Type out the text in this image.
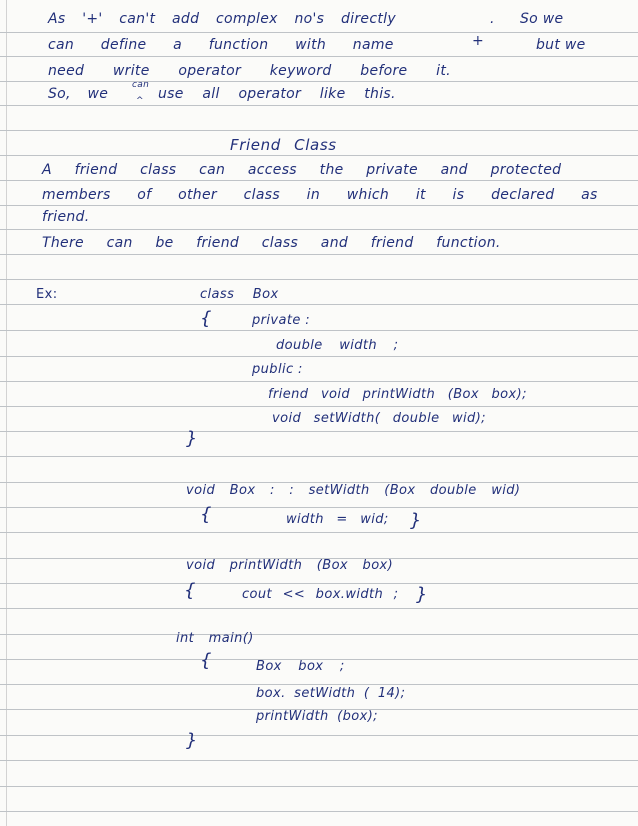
As '+' can't add complex no's directly	. So we
can define a function with name	+	but we
need write operator keyword before it.
So, we
can
^ use all operator like this.
Friend Class
A friend class can access the private and protected
members of other class in which it is declared as
friend.
There can be friend class and friend function.
Ex:	class Box
{	private :
double width ;
public :
friend void printWidth (Box box);
void setWidth( double wid);
}
void Box : : setWidth (Box double wid)
{	width = wid; }
void printWidth (Box box)
{	cout << box.width ; }
int main()
{	Box box ;
box. setWidth ( 14);
printWidth (box);
}
